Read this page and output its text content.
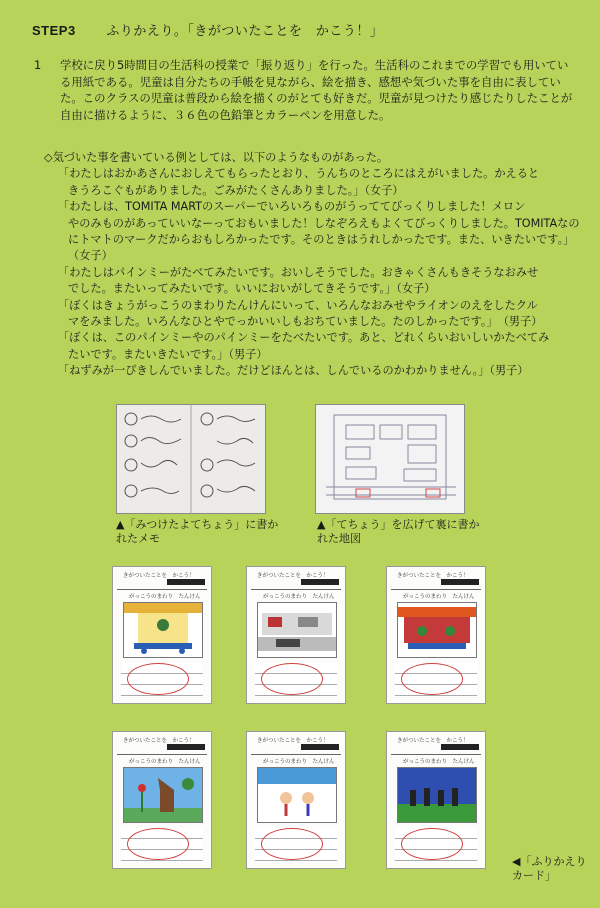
STEP3 ふりかえり。「きがついたことを　かこう！」
1 学校に戻り5時間目の生活科の授業で「振り返り」を行った。生活科のこれまでの学習でも用いている用紙である。児童は自分たちの手帳を見ながら、絵を描き、感想や気づいた事を自由に表していた。このクラスの児童は普段から絵を描くのがとても好きだ。児童が見つけたり感じたりしたことが自由に描けるように、３６色の色鉛筆とカラーペンを用意した。
◇気づいた事を書いている例としては、以下のようなものがあった。
「わたしはおかあさんにおしえてもらったとおり、うんちのところにはえがいました。かえると
きうろこぐもがありました。ごみがたくさんありました。」（女子）
「わたしは、TOMITA MARTのスーパーでいろいろものがうっててびっくりしました！メロン
やのみものがあっていいなーっておもいました！しなぞろえもよくてびっくりしました。TOMITAなのにトマトのマークだからおもしろかったです。そのときはうれしかったです。また、いきたいです。」（女子）
「わたしはパインミーがたべてみたいです。おいしそうでした。おきゃくさんもきそうなおみせ
でした。またいってみたいです。いいにおいがしてきそうです。」（女子）
「ぼくはきょうがっこうのまわりたんけんにいって、いろんなおみせやライオンのえをしたクル
マをみました。いろんなひとやでっかいいしもおちていました。たのしかったです。」　（男子）
「ぼくは、このパインミーやのパインミーをたべたいです。あと、どれくらいおいしいかたべてみ
たいです。またいきたいです。」（男子）
「ねずみが一ぴきしんでいました。だけどほんとは、しんでいるのかわかりません。」（男子）
▲「みつけたよてちょう」に書かれたメモ
▲「てちょう」を広げて裏に書かれた地図
きがついたことを　かこう！
がっこうのまわり　たんけん
きがついたことを　かこう！
がっこうのまわり　たんけん
きがついたことを　かこう！
がっこうのまわり　たんけん
きがついたことを　かこう！
がっこうのまわり　たんけん
きがついたことを　かこう！
がっこうのまわり　たんけん
きがついたことを　かこう！
がっこうのまわり　たんけん
◀「ふりかえりカード」
